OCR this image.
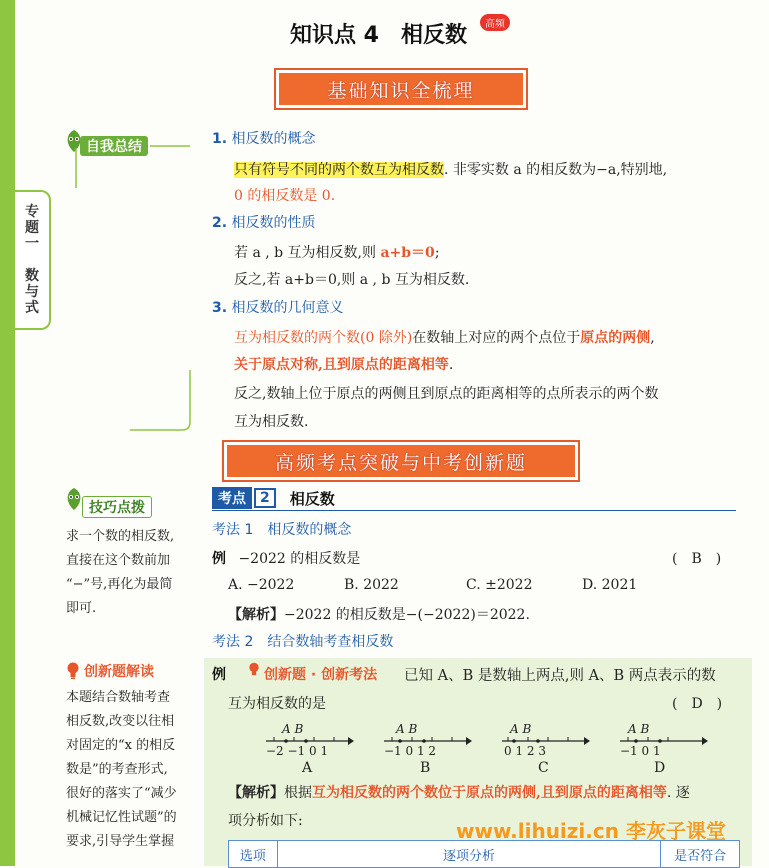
专题一
数与式
知识点 4　相反数	高频
基础知识全梳理
自我总结	1. 相反数的概念
只有符号不同的两个数互为相反数. 非零实数 a 的相反数为−a,特别地,
0 的相反数是 0.
2. 相反数的性质
若 a , b 互为相反数,则 a+b＝0;
反之,若 a+b＝0,则 a , b 互为相反数.
3. 相反数的几何意义
互为相反数的两个数(0 除外)在数轴上对应的两个点位于原点的两侧,
关于原点对称,且到原点的距离相等.
反之,数轴上位于原点的两侧且到原点的距离相等的点所表示的两个数
互为相反数.
高频考点突破与中考创新题
技巧点拨
求一个数的相反数,
直接在这个数前加
“−”号,再化为最简
即可.
创新题解读
本题结合数轴考查
相反数,改变以往相
对固定的“x 的相反
数是”的考查形式,
很好的落实了“减少
机械记忆性试题”的
要求,引导学生掌握
考点	2	相反数
考法 1　相反数的概念
例 −2022 的相反数是	(　B　)
A. −2022	B. 2022	C. ±2022	D. 2021
【解析】−2022 的相反数是−(−2022)＝2022.
考法 2　结合数轴考查相反数
例	创新题 · 创新考法 已知 A、B 是数轴上两点,则 A、B 两点表示的数
互为相反数的是	(　D　)
A B
−2 −1 0 1
A
A B
−1 0 1 2
B
A B
0 1 2 3
C
A B
−1 0 1
D
【解析】根据互为相反数的两个数位于原点的两侧,且到原点的距离相等. 逐
项分析如下:
选项	逐项分析	是否符合
www.lihuizi.cn 李灰子课堂
